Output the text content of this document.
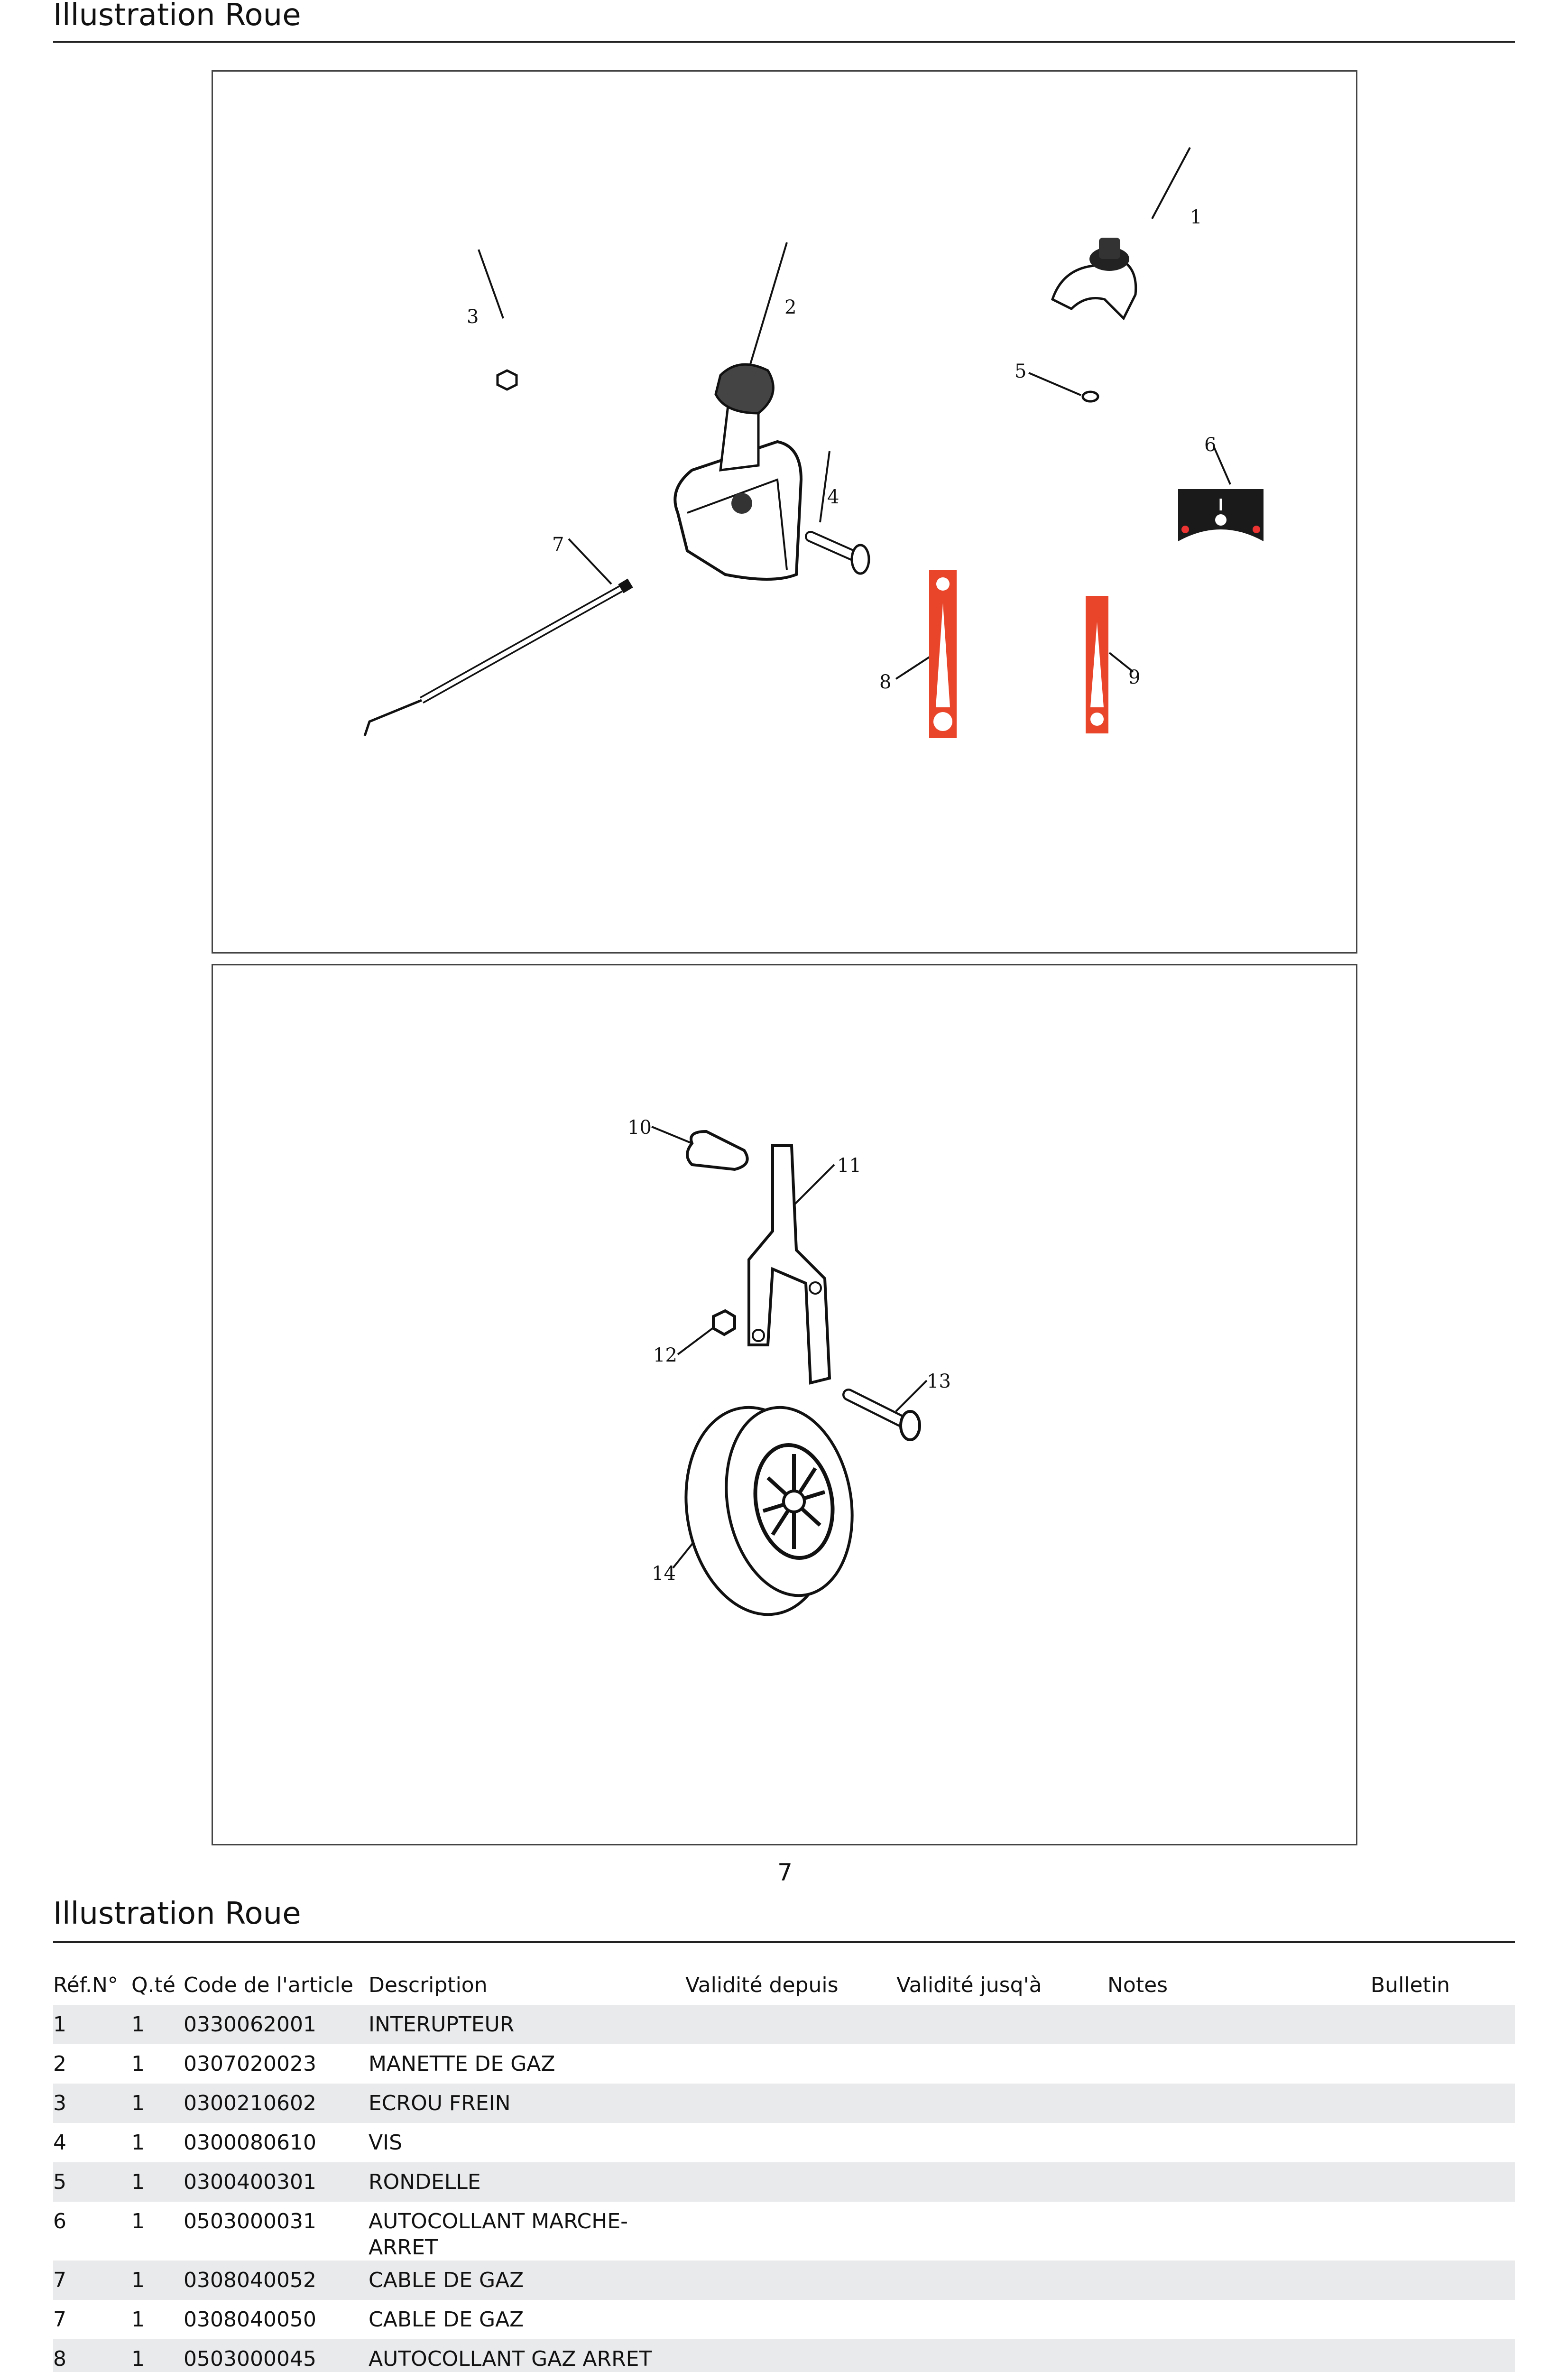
Illustration Roue
1
2
3
4
5
6
7
8	9
10
11
12
13
14
7
Illustration Roue
Réf.N°	Q.té	Code de l'article	Description	Validité depuis	Validité jusq'à	Notes	Bulletin
1	1	0330062001	INTERUPTEUR				
2	1	0307020023	MANETTE DE GAZ				
3	1	0300210602	ECROU FREIN				
4	1	0300080610	VIS				
5	1	0300400301	RONDELLE				
6	1	0503000031	AUTOCOLLANT MARCHE-ARRET				
7	1	0308040052	CABLE DE GAZ				
7	1	0308040050	CABLE DE GAZ				
8	1	0503000045	AUTOCOLLANT GAZ ARRET				
